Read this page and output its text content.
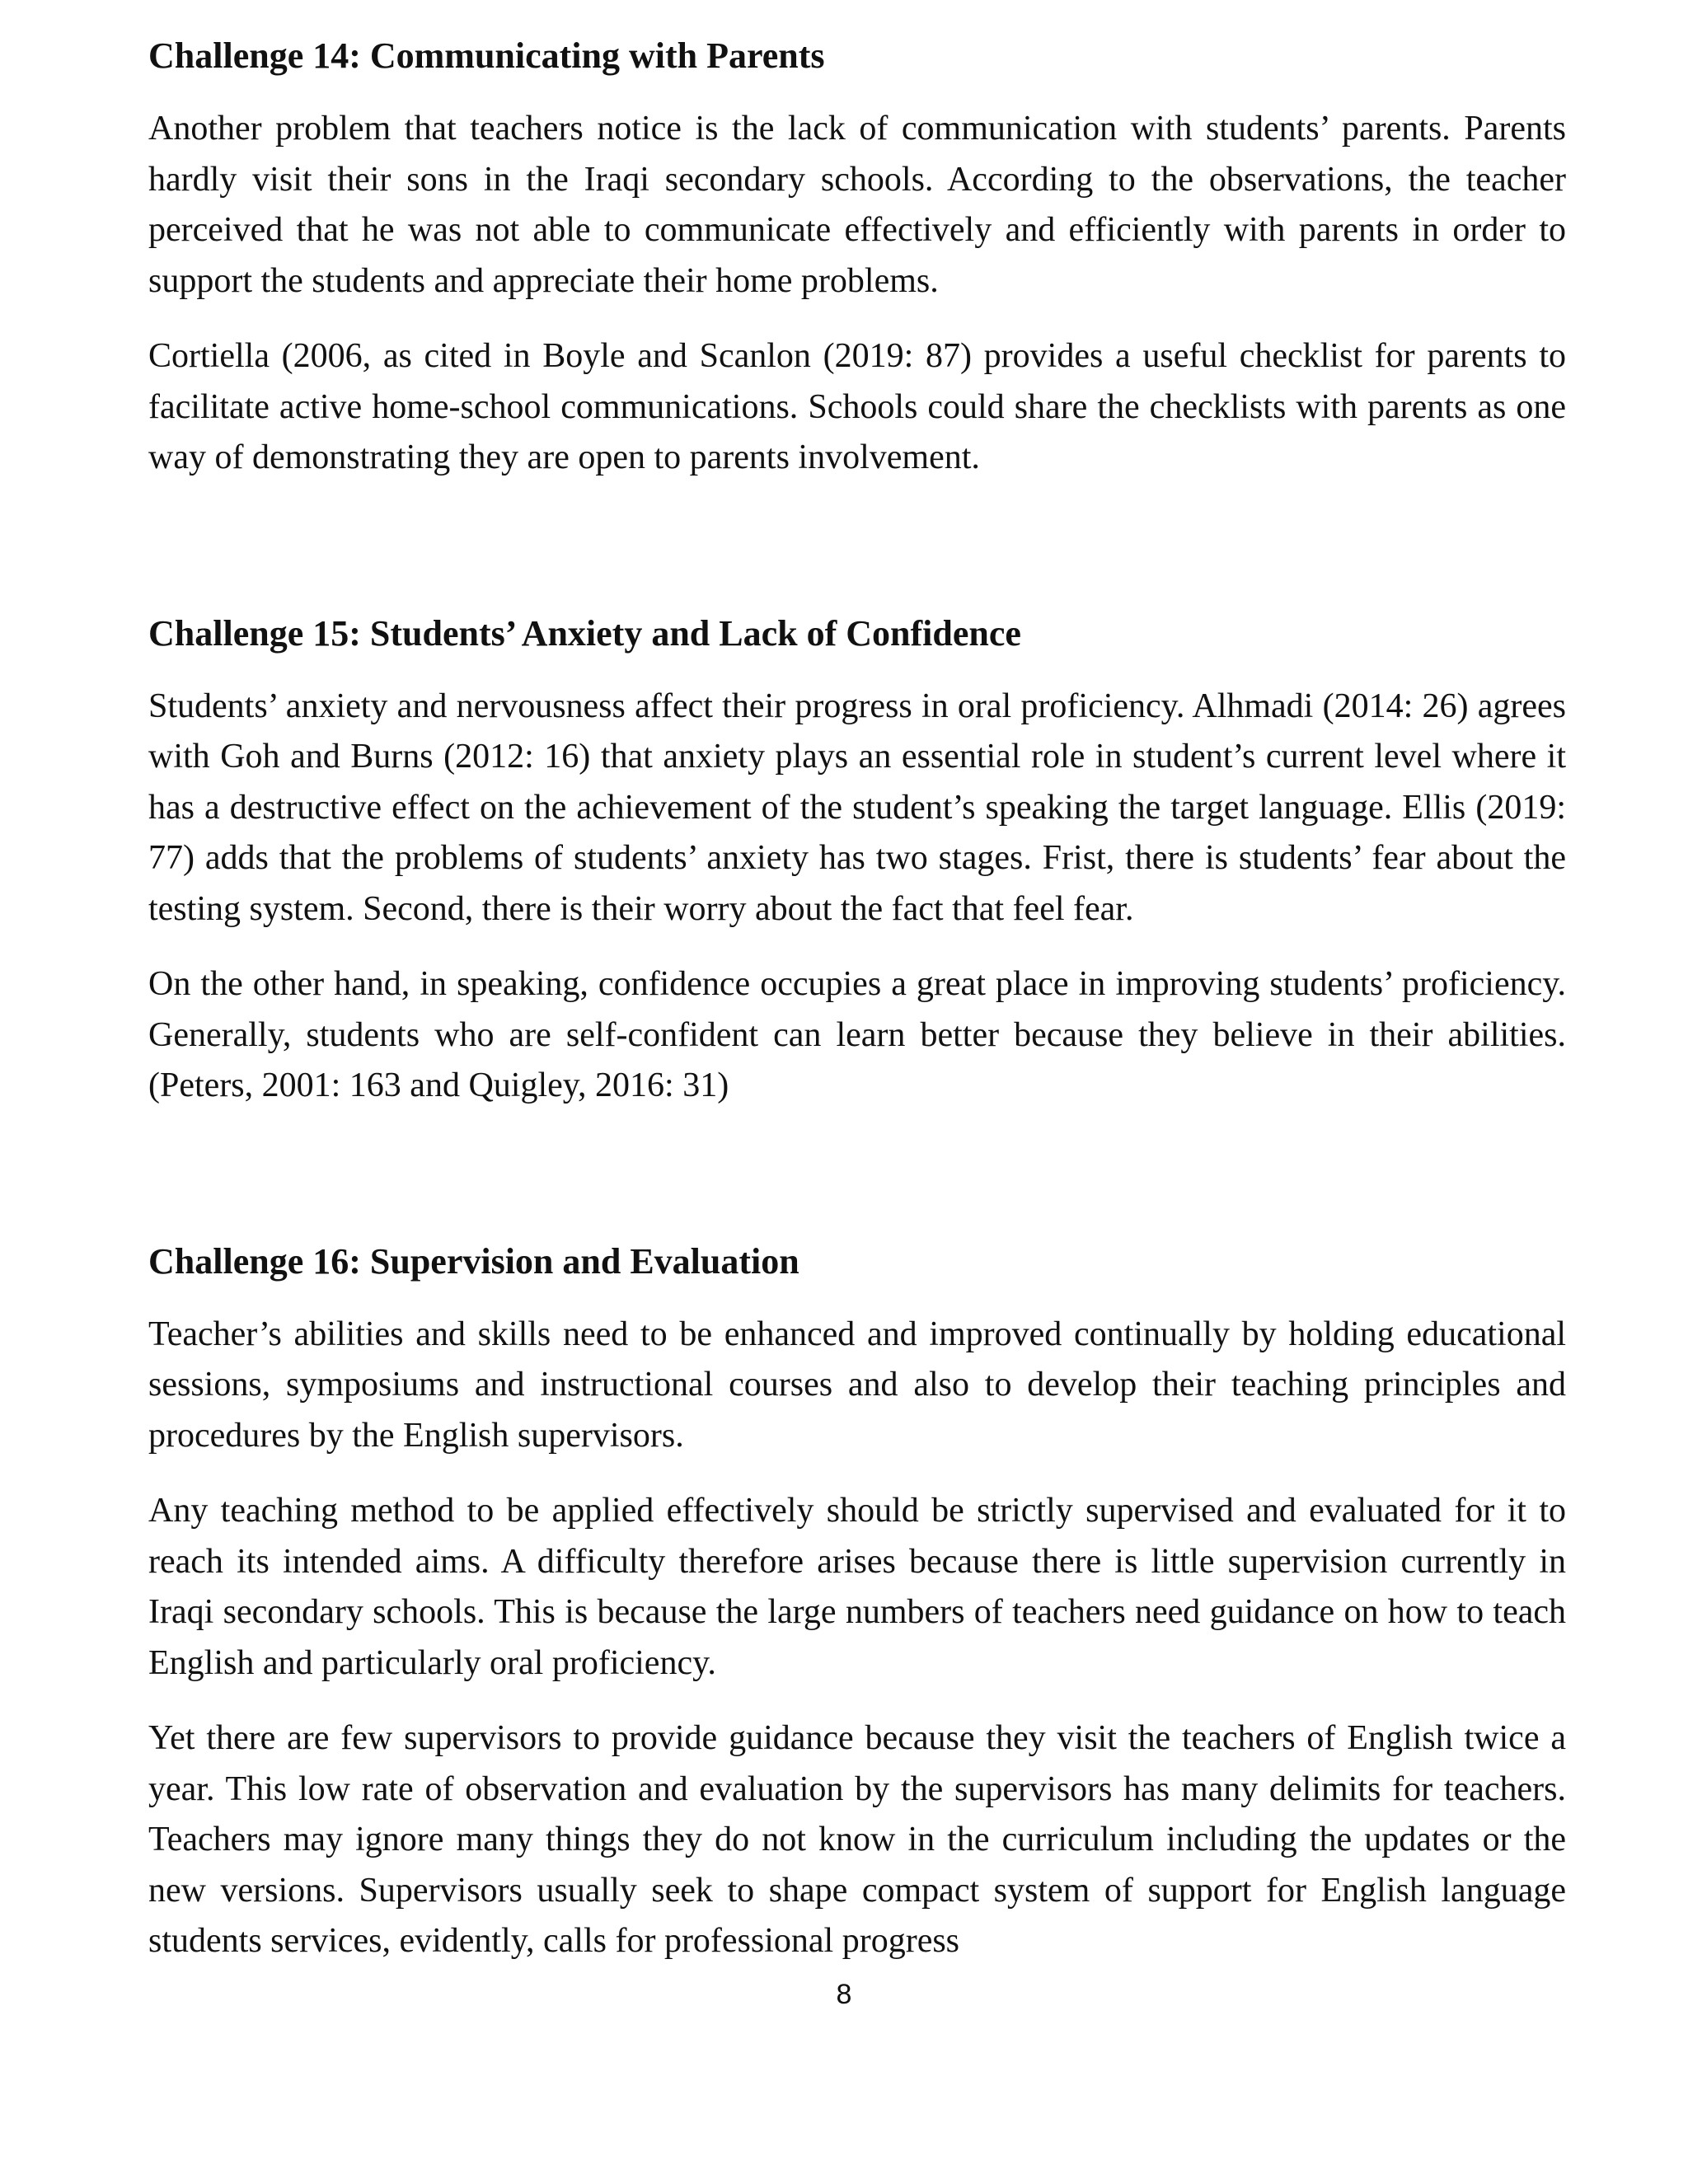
Challenge 14: Communicating with Parents

Another problem that teachers notice is the lack of communication with students’ parents. Parents hardly visit their sons in the Iraqi secondary schools. According to the observations, the teacher perceived that he was not able to communicate effectively and efficiently with parents in order to support the students and appreciate their home problems.

Cortiella (2006, as cited in Boyle and Scanlon (2019: 87) provides a useful checklist for parents to facilitate active home-school communications. Schools could share the checklists with parents as one way of demonstrating they are open to parents involvement.

Challenge 15: Students’ Anxiety and Lack of Confidence

Students’ anxiety and nervousness affect their progress in oral proficiency. Alhmadi (2014: 26) agrees with Goh and Burns (2012: 16) that anxiety plays an essential role in student’s current level where it has a destructive effect on the achievement of the student’s speaking the target language. Ellis (2019: 77) adds that the problems of students’ anxiety has two stages. Frist, there is students’ fear about the testing system. Second, there is their worry about the fact that feel fear.

On the other hand, in speaking, confidence occupies a great place in improving students’ proficiency. Generally, students who are self-confident can learn better because they believe in their abilities. (Peters, 2001: 163 and Quigley, 2016: 31)

Challenge 16: Supervision and Evaluation

Teacher’s abilities and skills need to be enhanced and improved continually by holding educational sessions, symposiums and instructional courses and also to develop their teaching principles and procedures by the English supervisors.

Any teaching method to be applied effectively should be strictly supervised and evaluated for it to reach its intended aims. A difficulty therefore arises because there is little supervision currently in Iraqi secondary schools. This is because the large numbers of teachers need guidance on how to teach English and particularly oral proficiency.

Yet there are few supervisors to provide guidance because they visit the teachers of English twice a year. This low rate of observation and evaluation by the supervisors has many delimits for teachers. Teachers may ignore many things they do not know in the curriculum including the updates or the new versions. Supervisors usually seek to shape compact system of support for English language students services, evidently, calls for professional progress

8
